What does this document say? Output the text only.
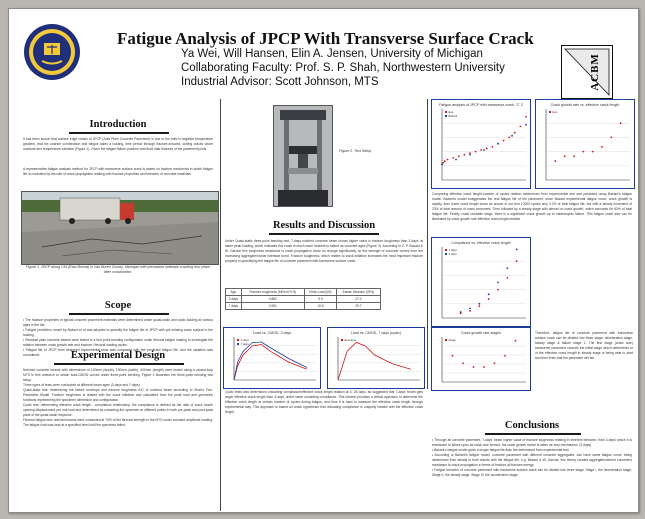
Fatigue Analysis of JPCP With Transverse Surface Crack
Ya Wei, Will Hansen, Elin A. Jensen, University of Michigan
Collaborating Faculty: Prof. S. P. Shah, Northwestern University
Industrial Advisor: Scott Johnson, MTS	ACBM
Introduction
It has been known that surface edge cracks of JPCP (Joint Plain Concrete Pavement) is due to the built-in negative temperature gradient, that the coarser combination and fatigue takes a loading, time period through fracture-induced, curling cracks under moisture and temperature variation (Figure 1). Given the fatigue failure problem with thick slab features of the pavement joints.
A representative fatigue analysis method for JPCP with transverse surface crack is based on fracture mechanics in which fatigue life is controlled by the rate of crack propagation relating with fracture properties and behavior of concrete materials.
Figure 1. JPCP along I-94 (East Bound) in Van Buren County, Michigan with premature sidewalk cracking four years after construction.
Scope
• The fracture properties of typical concrete pavement materials were determined under quasi-static and cyclic loading at various ages in the lab.
• Fatigue prediction model by Bažant et al was adopted to quantify the fatigue life of JPCP with pre-existing crack subject to the loading.
• Residual plain concrete beams were tested in a four-point bending configuration under flexural fatigue loading to investigate the relation between crack growth rate and fracture / flexural loading cycles.
• Fatigue life of JPCP from designed experimental tests was compared with the predicted fatigue life, and the variation was considered.	Experimental Design
Notched concrete beams with dimensions of 100mm (depth), 100mm (width), 400mm (length) were tested using a closed-loop MTS in this research to obtain load-CMOD curves under three-point bending. Figure 2 illustrates the three-point bending test setup.
Three types of tests were conducted at different beam ages (3 days and 7 days).
Quasi-static test: determining the failure envelope and fracture toughness KIC of notched beam according to Shah's Two-Parameter Model. Fracture toughness is related with the crack initiation and calculated from the peak load and geometric functions representing the specimen dimension and configuration.
Cyclic test: determining effective crack length - compliance relationship; the compliance is defined as the ratio of crack mouth opening displacement per unit load and determined by unloading the specimen at different points in both pre-peak and post-peak parts of the quasi-static response.
Flexural fatigue test: notched beams were conducted at 70% of the flexural strength in the MTS under constant amplitude loading. The fatigue load was kept at a specified level until the specimen failed.
Figure 2. Test Setup
Results and Discussion
Under Quasi-static three-point bending test, 7-days notched concrete beam shows higher value in fracture toughness than 3-days' at same peak loading, which indicates this crack is much more resilient to failure as concrete ages (Figure 3). According to Z. P. Bazant & W. Garniar this toughness resistance is crack propagation show no change significantly, so the strength of concrete comes from the increasing aggregate/mortar interface bond. Fracture toughness, which relates to crack initiation increases the most important fracture property in quantifying the fatigue life of concrete pavement with transverse surface crack.
Age	Fracture toughness (MPa·m^0.5)	Peak Load (kN)	Elastic Modulus (GPa)
3 days	0.882	9.9	27.0
7 days	0.951	10.6	29.7
Load vs. CMOD, 3 days
3 days
7 days
Load vs. CMOD, 7 days (cyclic)
Envelope
Cyclic tests was determined unloading compliance/effective crack length relation at 3, 28 days, as suggested that 7-days' beam gets larger effective crack length than 3-days' under same unloading compliance. This relation provides a critical approach to determine the effective crack length at certain number of cycles during fatigue, and thus it is hard to measure the effective crack length through experimental way. This approach is based on crack hypothesis that unloading compliance is uniquely related with the effective crack length.
Fatigue analysis of JPCP with transverse crack, 'C' 2
Exp.
Bažant
Crack growth rate vs. effective crack length
Exp.
Comparing effective crack length-number of cycles relation determined from experimental test and predicted using Bažant's fatigue model. Bažant's model exaggerates the real fatigue life of the pavement, since Bazant experimental fatigue curve, crack growth is rapidly, then lower crack length slows as shown in our test 10000 cycles only 3.2% of total fatigue life, but with a steady increment of 23% of total amount of crack increment. Then followed by a steady stage with almost no crack growth, which accounts for 63% of total fatigue life. Finally, crack unstable stage, there is a significant crack growth up to catastrophic failure. This fatigue crack size can be illustrated by crack growth rate effective crack length relation.
Compliance vs. effective crack length
7 days
3 days
Crack growth rate stages
Stage
Therefore, fatigue life of concrete pavement with transverse surface crack can be divided into three stage: deceleration stage, steady stage & failure stage 1. The first stage (crack size) transverse pavement controls the initial stage which determines or of the effective crack length in steady stage is being able to start and then ends that the pavement will fail.
Conclusions
• Through all concrete pavement, 7-days' beam higher value of fracture toughness relating in inherent behavior, than 3-days' which it is resistance to failure upon as crack size formed, the crack growth model is taken as very mechanism. (3 days)
• Bažant's fatigue model gives a longer fatigue life than the determined from experimental test.
• According to Bažant's fatigue model, concrete pavement with different concrete aggregates, can have same fatigue curve, being determined from steady in both results with the fatigue life, e.g. Bazant & W. Garniar, this theory creates aggregate/cement concrete's resistance to crack propagation in terms of fracture all fracture energy.
• Fatigue behavior of concrete pavement with transverse surface crack can be divided into three stage: Stage I, the deceleration stage, Stage II, the steady stage, Stage III, the acceleration stage.
